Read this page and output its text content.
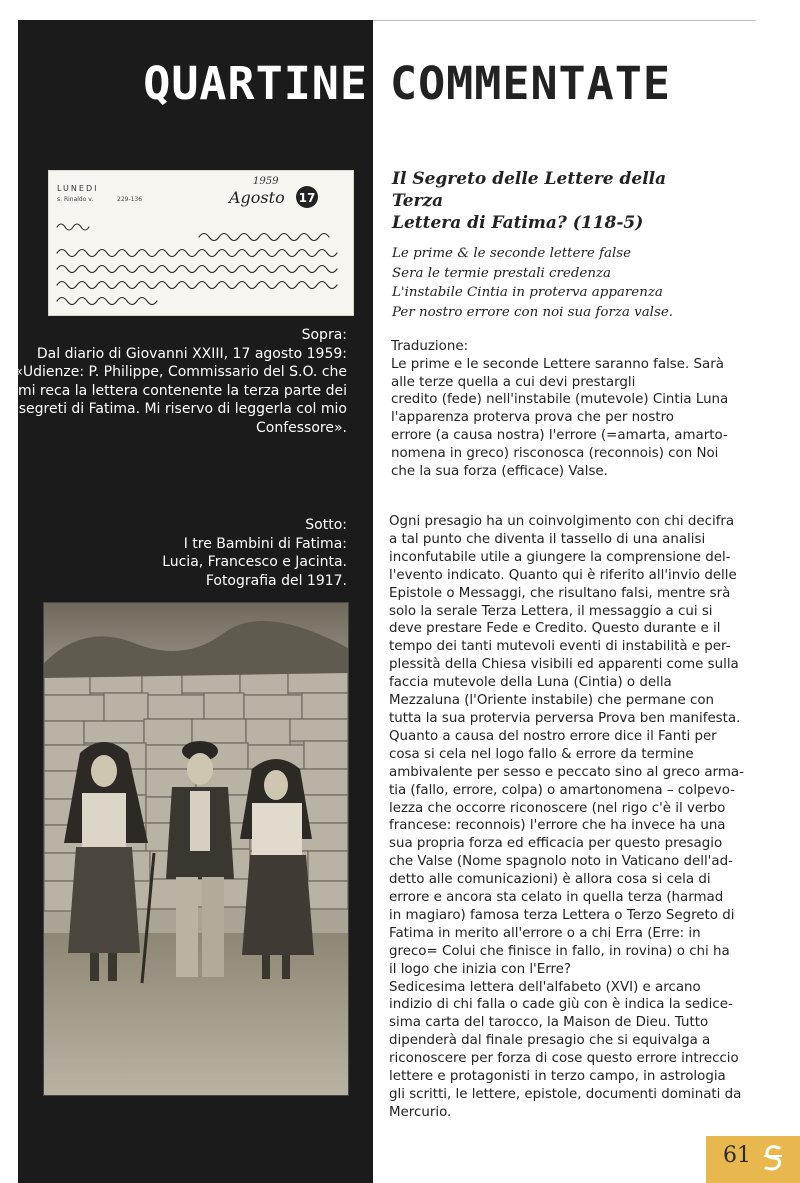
QUARTINE COMMENTATE
LUNEDI
s. Rinaldo v.	229-136
1959
Agosto 17

Sopra:

Dal diario di Giovanni XXIII, 17 agosto 1959:

«Udienze: P. Philippe, Commissario del S.O. che

mi reca la lettera contenente la terza parte dei

segreti di Fatima. Mi riservo di leggerla col mio

Confessore».

Sotto:

I tre Bambini di Fatima:

Lucia, Francesco e Jacinta.

Fotografia del 1917.

Il Segreto delle Lettere della Terza
Lettera di Fatima? (118-5)
Le prime & le seconde lettere false
Sera le termie prestali credenza
L'instabile Cintia in proterva apparenza
Per nostro errore con noi sua forza valse.
Traduzione:
Le prime e le seconde Lettere saranno false. Sarà
alle terze quella a cui devi prestargli
credito (fede) nell'instabile (mutevole) Cintia Luna
l'apparenza proterva prova che per nostro
errore (a causa nostra) l'errore (=amarta, amarto-
nomena in greco) risconosca (reconnois) con Noi
che la sua forza (efficace) Valse.
Ogni presagio ha un coinvolgimento con chi decifra
a tal punto che diventa il tassello di una analisi
inconfutabile utile a giungere la comprensione del-
l'evento indicato. Quanto qui è riferito all'invio delle
Epistole o Messaggi, che risultano falsi, mentre srà
solo la serale Terza Lettera, il messaggio a cui si
deve prestare Fede e Credito. Questo durante e il
tempo dei tanti mutevoli eventi di instabilità e per-
plessità della Chiesa visibili ed apparenti come sulla
faccia mutevole della Luna (Cintia) o della
Mezzaluna (l'Oriente instabile) che permane con
tutta la sua protervia perversa Prova ben manifesta.
Quanto a causa del nostro errore dice il Fanti per
cosa si cela nel logo fallo & errore da termine
ambivalente per sesso e peccato sino al greco arma-
tia (fallo, errore, colpa) o amartonomena – colpevo-
lezza che occorre riconoscere (nel rigo c'è il verbo
francese: reconnois) l'errore che ha invece ha una
sua propria forza ed efficacia per questo presagio
che Valse (Nome spagnolo noto in Vaticano dell'ad-
detto alle comunicazioni) è allora cosa si cela di
errore e ancora sta celato in quella terza (harmad
in magiaro) famosa terza Lettera o Terzo Segreto di
Fatima in merito all'errore o a chi Erra (Erre: in
greco= Colui che finisce in fallo, in rovina) o chi ha
il logo che inizia con l'Erre?
Sedicesima lettera dell'alfabeto (XVI) e arcano
indizio di chi falla o cade giù con è indica la sedice-
sima carta del tarocco, la Maison de Dieu. Tutto
dipenderà dal finale presagio che si equivalga a
riconoscere per forza di cose questo errore intreccio
lettere e protagonisti in terzo campo, in astrologia
gli scritti, le lettere, epistole, documenti dominati da
Mercurio.
61
